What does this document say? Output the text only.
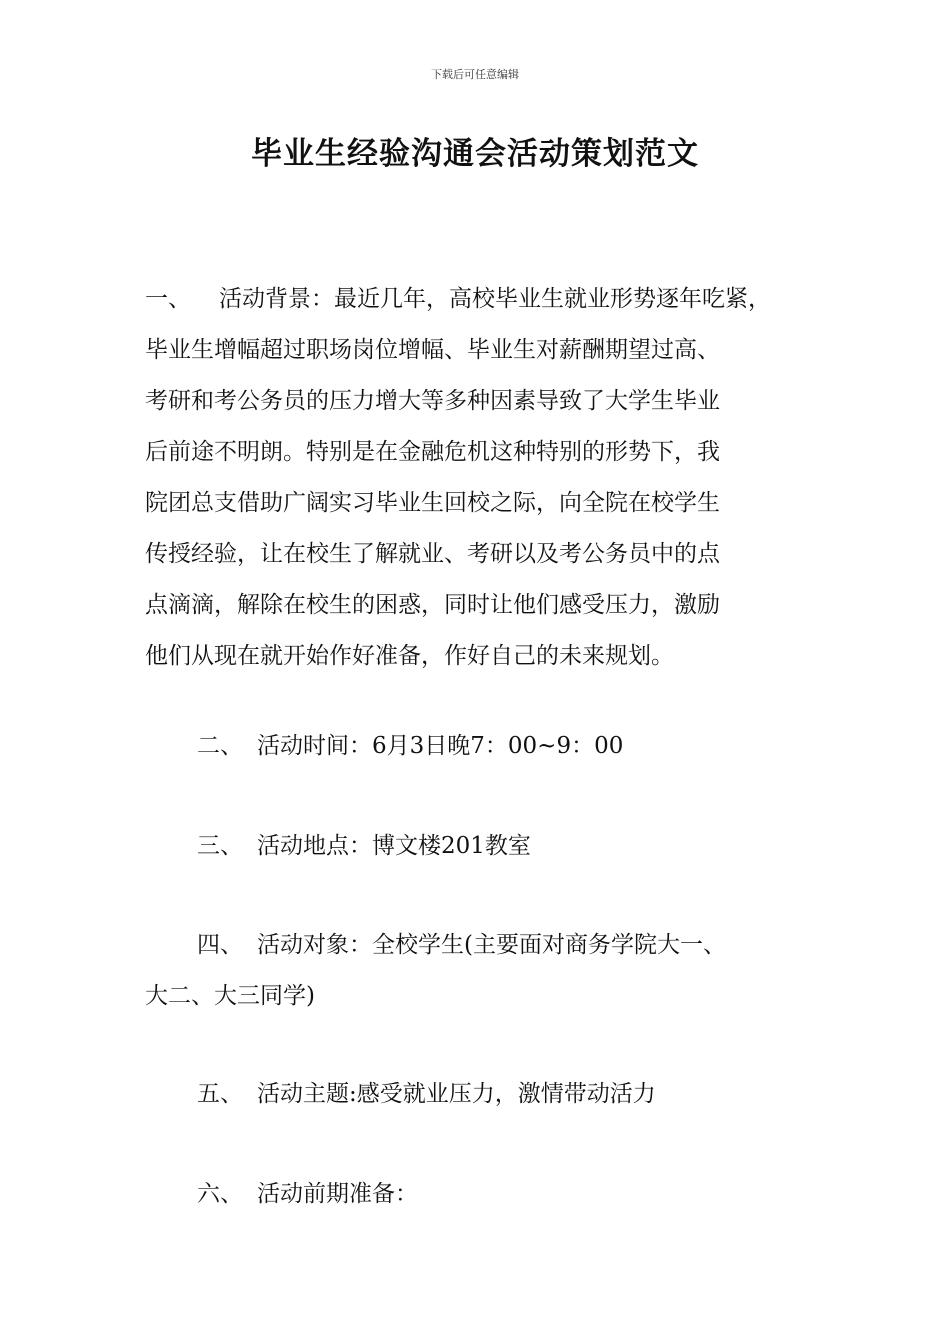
下载后可任意编辑
毕业生经验沟通会活动策划范文
一、 活动背景：最近几年，高校毕业生就业形势逐年吃紧，
毕业生增幅超过职场岗位增幅、毕业生对薪酬期望过高、
考研和考公务员的压力增大等多种因素导致了大学生毕业
后前途不明朗。特别是在金融危机这种特别的形势下，我
院团总支借助广阔实习毕业生回校之际，向全院在校学生
传授经验，让在校生了解就业、考研以及考公务员中的点
点滴滴，解除在校生的困惑，同时让他们感受压力，激励
他们从现在就开始作好准备，作好自己的未来规划。
二、 活动时间：6月3日晚7：00~9：00
三、 活动地点：博文楼201教室
四、 活动对象：全校学生(主要面对商务学院大一、
大二、大三同学)
五、 活动主题:感受就业压力，激情带动活力
六、 活动前期准备：
